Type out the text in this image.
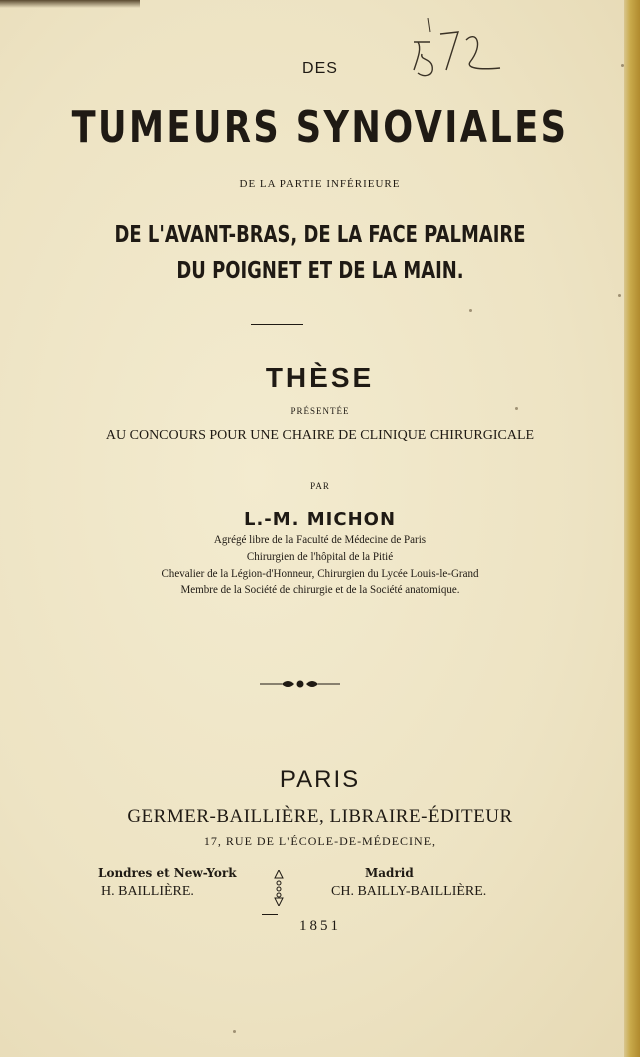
DES
TUMEURS SYNOVIALES
DE LA PARTIE INFÉRIEURE
DE L'AVANT-BRAS, DE LA FACE PALMAIRE
DU POIGNET ET DE LA MAIN.
THÈSE
PRÉSENTÉE
AU CONCOURS POUR UNE CHAIRE DE CLINIQUE CHIRURGICALE
PAR
L.-M. MICHON
Agrégé libre de la Faculté de Médecine de Paris
Chirurgien de l'hôpital de la Pitié
Chevalier de la Légion-d'Honneur, Chirurgien du Lycée Louis-le-Grand
Membre de la Société de chirurgie et de la Société anatomique.
PARIS
GERMER-BAILLIÈRE, LIBRAIRE-ÉDITEUR
17, RUE DE L'ÉCOLE-DE-MÉDECINE,
Londres et New-York
H. BAILLIÈRE.
Madrid
CH. BAILLY-BAILLIÈRE.
1851
